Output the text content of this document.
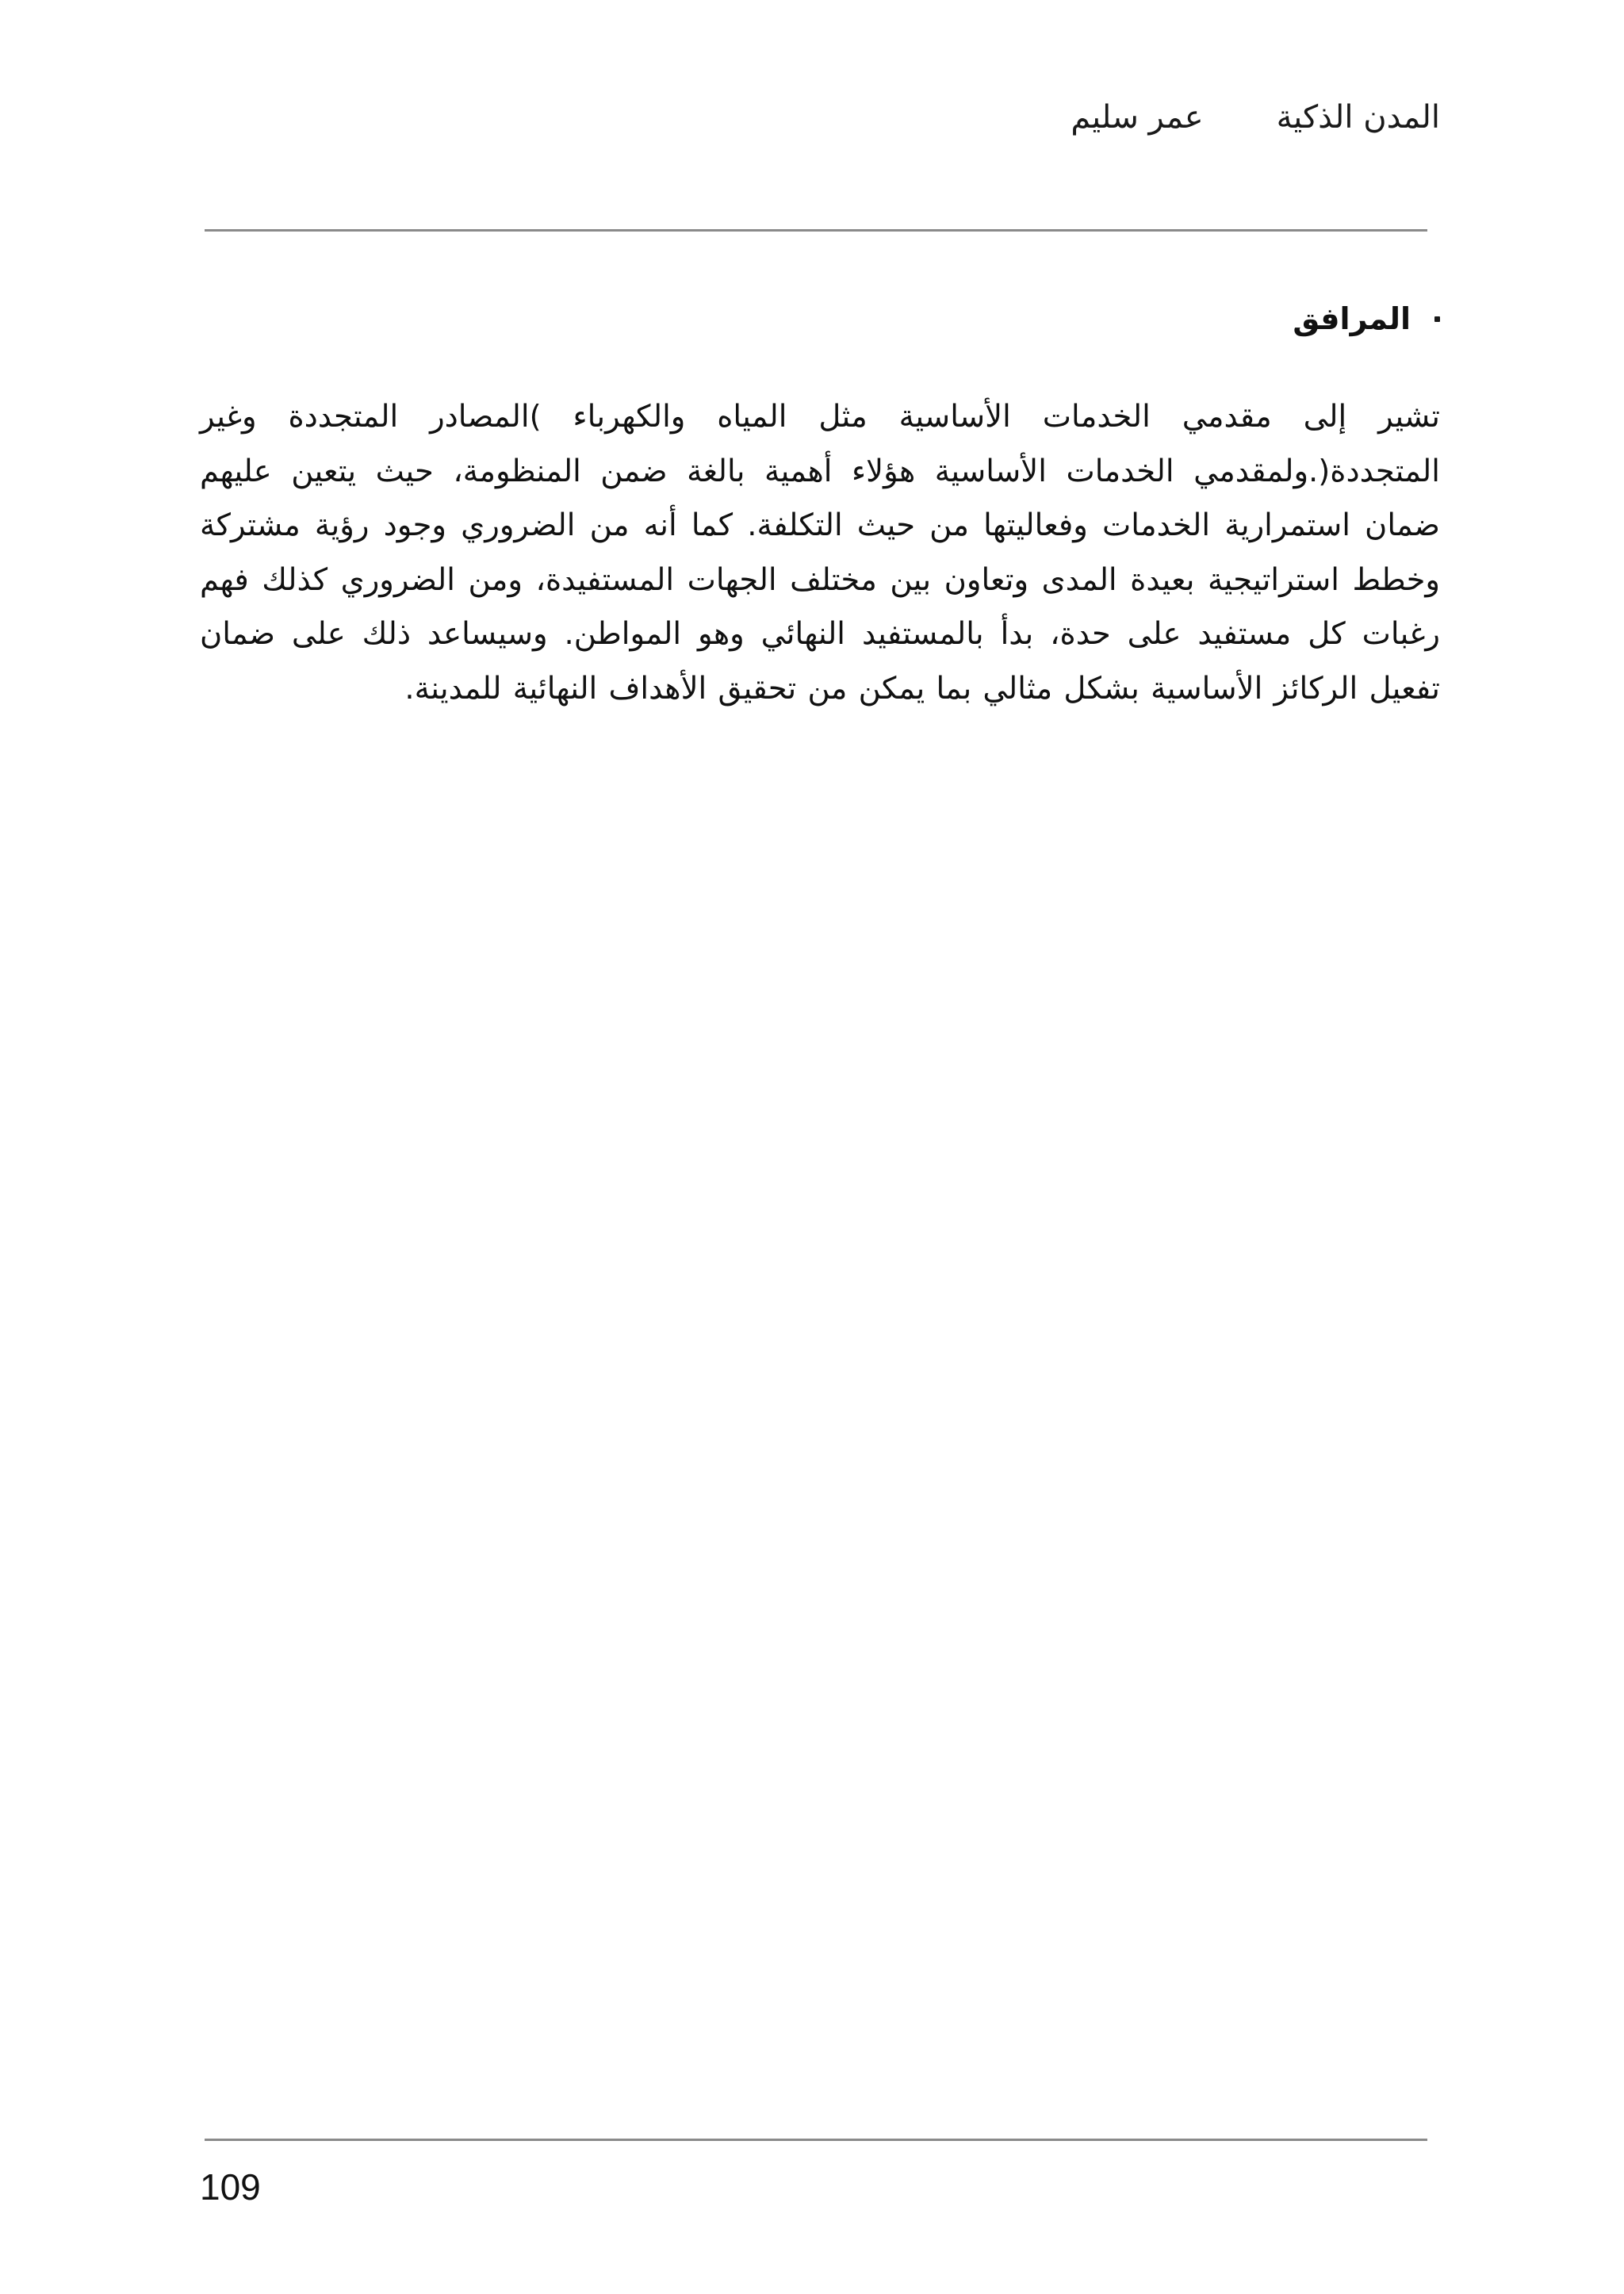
المدن الذكية
عمر سليم
المرافق

تشير إلى مقدمي الخدمات الأساسية مثل المياه والكهرباء )المصادر المتجددة وغير المتجددة(.ولمقدمي الخدمات الأساسية هؤلاء أهمية بالغة ضمن المنظومة، حيث يتعين عليهم ضمان استمرارية الخدمات وفعاليتها من حيث التكلفة. كما أنه من الضروري وجود رؤية مشتركة وخطط استراتيجية بعيدة المدى وتعاون بين مختلف الجهات المستفيدة، ومن الضروري كذلك فهم رغبات كل مستفيد على حدة، بدأ بالمستفيد النهائي وهو المواطن. وسيساعد ذلك على ضمان تفعيل الركائز الأساسية بشكل مثالي بما يمكن من تحقيق الأهداف النهائية للمدينة.

109
